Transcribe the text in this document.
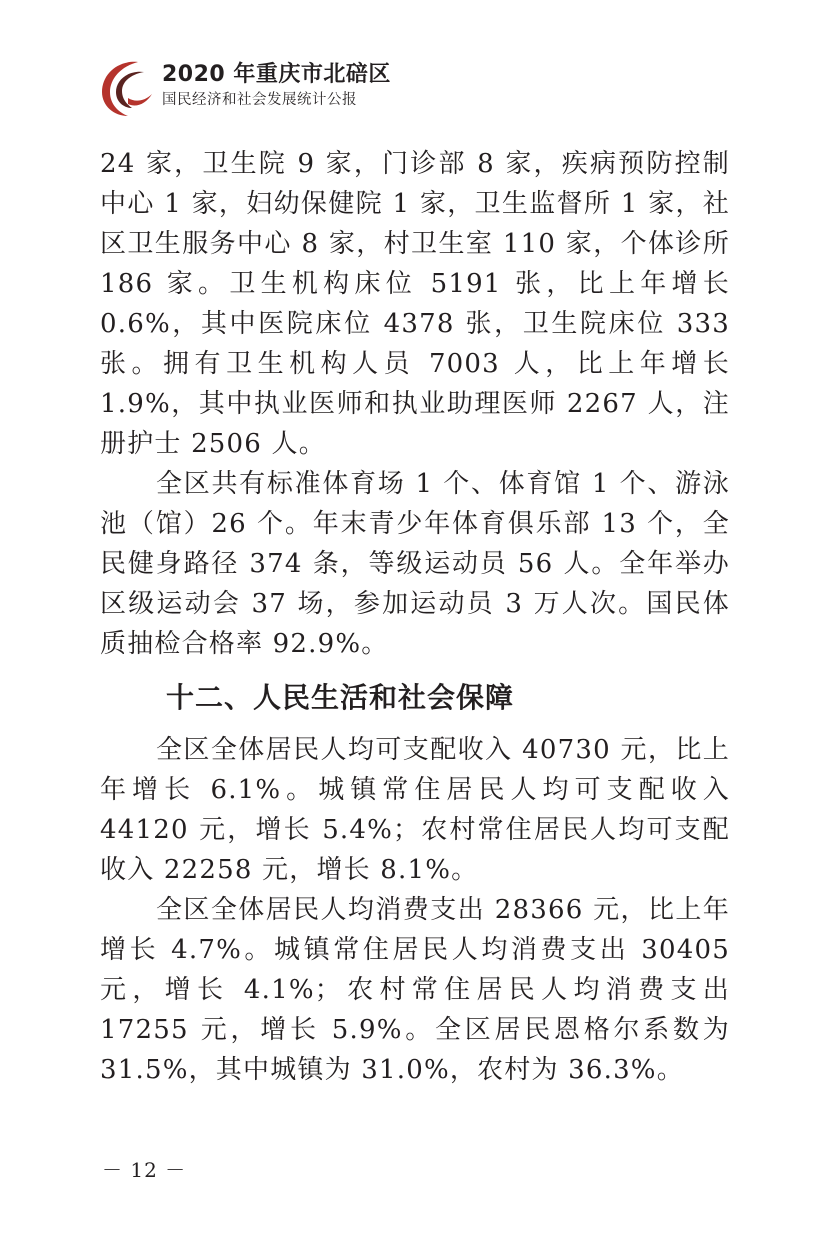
2020 年重庆市北碚区
国民经济和社会发展统计公报

24 家，卫生院 9 家，门诊部 8 家，疾病预防控制中心 1 家，妇幼保健院 1 家，卫生监督所 1 家，社区卫生服务中心 8 家，村卫生室 110 家，个体诊所 186 家。卫生机构床位 5191 张，比上年增长 0.6%，其中医院床位 4378 张，卫生院床位 333 张。拥有卫生机构人员 7003 人，比上年增长 1.9%，其中执业医师和执业助理医师 2267 人，注册护士 2506 人。

全区共有标准体育场 1 个、体育馆 1 个、游泳池（馆）26 个。年末青少年体育俱乐部 13 个，全民健身路径 374 条，等级运动员 56 人。全年举办区级运动会 37 场，参加运动员 3 万人次。国民体质抽检合格率 92.9%。

十二、人民生活和社会保障

全区全体居民人均可支配收入 40730 元，比上年增长 6.1%。城镇常住居民人均可支配收入 44120 元，增长 5.4%；农村常住居民人均可支配收入 22258 元，增长 8.1%。

全区全体居民人均消费支出 28366 元，比上年增长 4.7%。城镇常住居民人均消费支出 30405 元，增长 4.1%；农村常住居民人均消费支出 17255 元，增长 5.9%。全区居民恩格尔系数为 31.5%，其中城镇为 31.0%，农村为 36.3%。

－ 12 －
